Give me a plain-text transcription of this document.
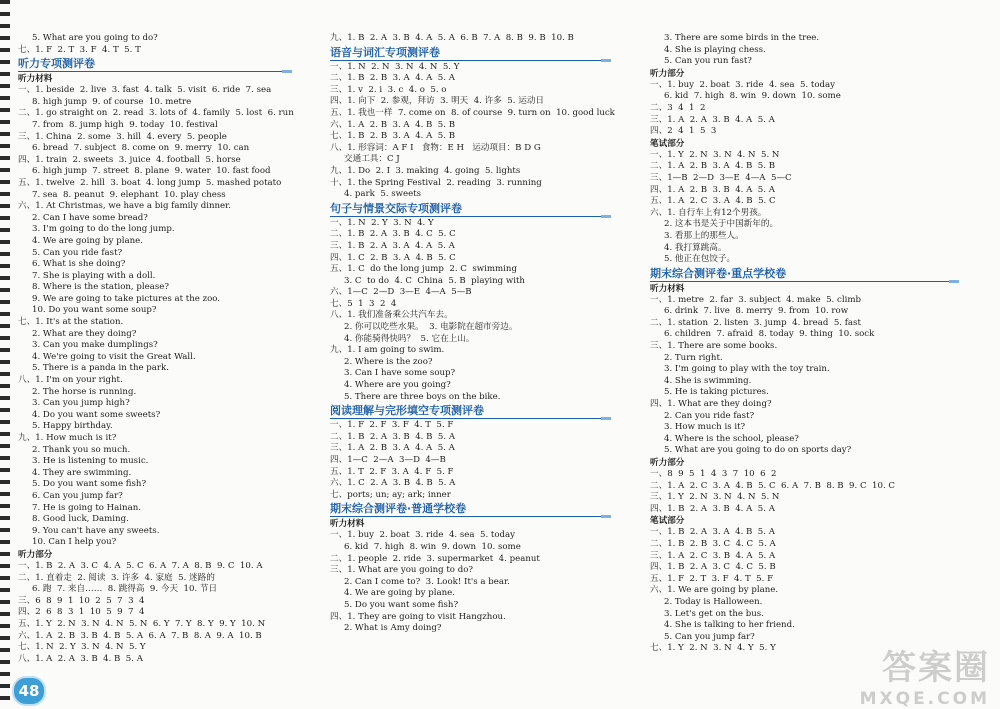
5. What are you going to do?
七、1. F  2. T  3. F  4. T  5. T
听力专项测评卷
听力材料
一、1. beside  2. live  3. fast  4. talk  5. visit  6. ride  7. sea
8. high jump  9. of course  10. metre
二、1. go straight on  2. read  3. lots of  4. family  5. lost  6. run
7. from  8. jump high  9. today  10. festival
三、1. China  2. some  3. hill  4. every  5. people
6. bread  7. subject  8. come on  9. merry  10. can
四、1. train  2. sweets  3. juice  4. football  5. horse
6. high jump  7. street  8. plane  9. water  10. fast food
五、1. twelve  2. hill  3. boat  4. long jump  5. mashed potato
7. sea  8. peanut  9. elephant  10. play chess
六、1. At Christmas, we have a big family dinner.
2. Can I have some bread?
3. I'm going to do the long jump.
4. We are going by plane.
5. Can you ride fast?
6. What is she doing?
7. She is playing with a doll.
8. Where is the station, please?
9. We are going to take pictures at the zoo.
10. Do you want some soup?
七、1. It's at the station.
2. What are they doing?
3. Can you make dumplings?
4. We're going to visit the Great Wall.
5. There is a panda in the park.
八、1. I'm on your right.
2. The horse is running.
3. Can you jump high?
4. Do you want some sweets?
5. Happy birthday.
九、1. How much is it?
2. Thank you so much.
3. He is listening to music.
4. They are swimming.
5. Do you want some fish?
6. Can you jump far?
7. He is going to Hainan.
8. Good luck, Daming.
9. You can't have any sweets.
10. Can I help you?
听力部分
一、1. B  2. A  3. C  4. A  5. C  6. A  7. A  8. B  9. C  10. A
二、1. 直着走  2. 阅读  3. 许多  4. 家庭  5. 迷路的
6. 跑  7. 来自……  8. 跳得高  9. 今天  10. 节日
三、6  8  9  1  10  2  5  7  3  4
四、2  6  8  3  1  10  5  9  7  4
五、1. Y  2. N  3. N  4. N  5. N  6. Y  7. Y  8. Y  9. Y  10. N
六、1. A  2. B  3. B  4. B  5. A  6. A  7. B  8. A  9. A  10. B
七、1. N  2. Y  3. N  4. N  5. Y
八、1. A  2. A  3. B  4. B  5. A
九、1. B  2. A  3. B  4. A  5. A  6. B  7. A  8. B  9. B  10. B
语音与词汇专项测评卷
一、1. N  2. N  3. N  4. N  5. Y
二、1. B  2. B  3. A  4. A  5. A
三、1. v  2. i  3. c  4. o  5. o
四、1. 向下  2. 参观，拜访  3. 明天  4. 许多  5. 运动日
五、1. 我也一样  7. come on  8. of course  9. turn on  10. good luck
六、1. A  2. B  3. A  4. B  5. B
七、1. B  2. B  3. A  4. A  5. B
八、1. 形容词：A F I   食物：E H   运动项目：B D G
交通工具：C J
九、1. Do  2. I  3. making  4. going  5. lights
十、1. the Spring Festival  2. reading  3. running
4. park  5. sweets
句子与情景交际专项测评卷
一、1. N  2. Y  3. N  4. Y
二、1. B  2. A  3. B  4. C  5. C
三、1. B  2. A  3. A  4. A  5. A
四、1. C  2. B  3. A  4. B  5. C
五、1. C  do the long jump  2. C  swimming
3. C  to do  4. C  China  5. B  playing with
六、1—C  2—D  3—E  4—A  5—B
七、5  1  3  2  4
八、1. 我们准备乘公共汽车去。
2. 你可以吃些水果。  3. 电影院在超市旁边。
4. 你能骑得快吗？  5. 它在上山。
九、1. I am going to swim.
2. Where is the zoo?
3. Can I have some soup?
4. Where are you going?
5. There are three boys on the bike.
阅读理解与完形填空专项测评卷
一、1. F  2. F  3. F  4. T  5. F
二、1. B  2. A  3. B  4. B  5. A
三、1. A  2. B  3. A  4. A  5. A
四、1—C  2—A  3—D  4—B
五、1. T  2. F  3. A  4. F  5. F
六、1. C  2. A  3. B  4. B  5. A
七、ports; un; ay; ark; inner
期末综合测评卷·普通学校卷
听力材料
一、1. buy  2. boat  3. ride  4. sea  5. today
6. kid  7. high  8. win  9. down  10. some
二、1. people  2. ride  3. supermarket  4. peanut
三、1. What are you going to do?
2. Can I come to?  3. Look! It's a bear.
4. We are going by plane.
5. Do you want some fish?
四、1. They are going to visit Hangzhou.
2. What is Amy doing?
3. There are some birds in the tree.
4. She is playing chess.
5. Can you run fast?
听力部分
一、1. buy  2. boat  3. ride  4. sea  5. today
6. kid  7. high  8. win  9. down  10. some
二、3  4  1  2
三、1. A  2. A  3. B  4. A  5. A
四、2  4  1  5  3
笔试部分
一、1. Y  2. N  3. N  4. N  5. N
二、1. A  2. B  3. A  4. B  5. B
三、1—B  2—D  3—E  4—A  5—C
四、1. A  2. B  3. B  4. A  5. A
五、1. A  2. C  3. A  4. B  5. C
六、1. 自行车上有12个男孩。
2. 这本书是关于中国新年的。
3. 看那上的那些人。
4. 我打算跳高。
5. 他正在包饺子。
期末综合测评卷·重点学校卷
听力材料
一、1. metre  2. far  3. subject  4. make  5. climb
6. drink  7. live  8. merry  9. from  10. row
二、1. station  2. listen  3. jump  4. bread  5. fast
6. children  7. afraid  8. today  9. thing  10. sock
三、1. There are some books.
2. Turn right.
3. I'm going to play with the toy train.
4. She is swimming.
5. He is taking pictures.
四、1. What are they doing?
2. Can you ride fast?
3. How much is it?
4. Where is the school, please?
5. What are you going to do on sports day?
听力部分
一、8  9  5  1  4  3  7  10  6  2
二、1. A  2. C  3. A  4. B  5. C  6. A  7. B  8. B  9. C  10. C
三、1. Y  2. N  3. N  4. N  5. N
四、1. B  2. A  3. B  4. A  5. A
笔试部分
一、1. B  2. A  3. A  4. B  5. A
二、1. B  2. B  3. C  4. C  5. A
三、1. A  2. C  3. B  4. A  5. A
四、1. B  2. A  3. C  4. C  5. B
五、1. F  2. T  3. F  4. T  5. F
六、1. We are going by plane.
2. Today is Halloween.
3. Let's get on the bus.
4. She is talking to her friend.
5. Can you jump far?
七、1. Y  2. N  3. N  4. Y  5. Y
48
答案圈
MXQE.COM
